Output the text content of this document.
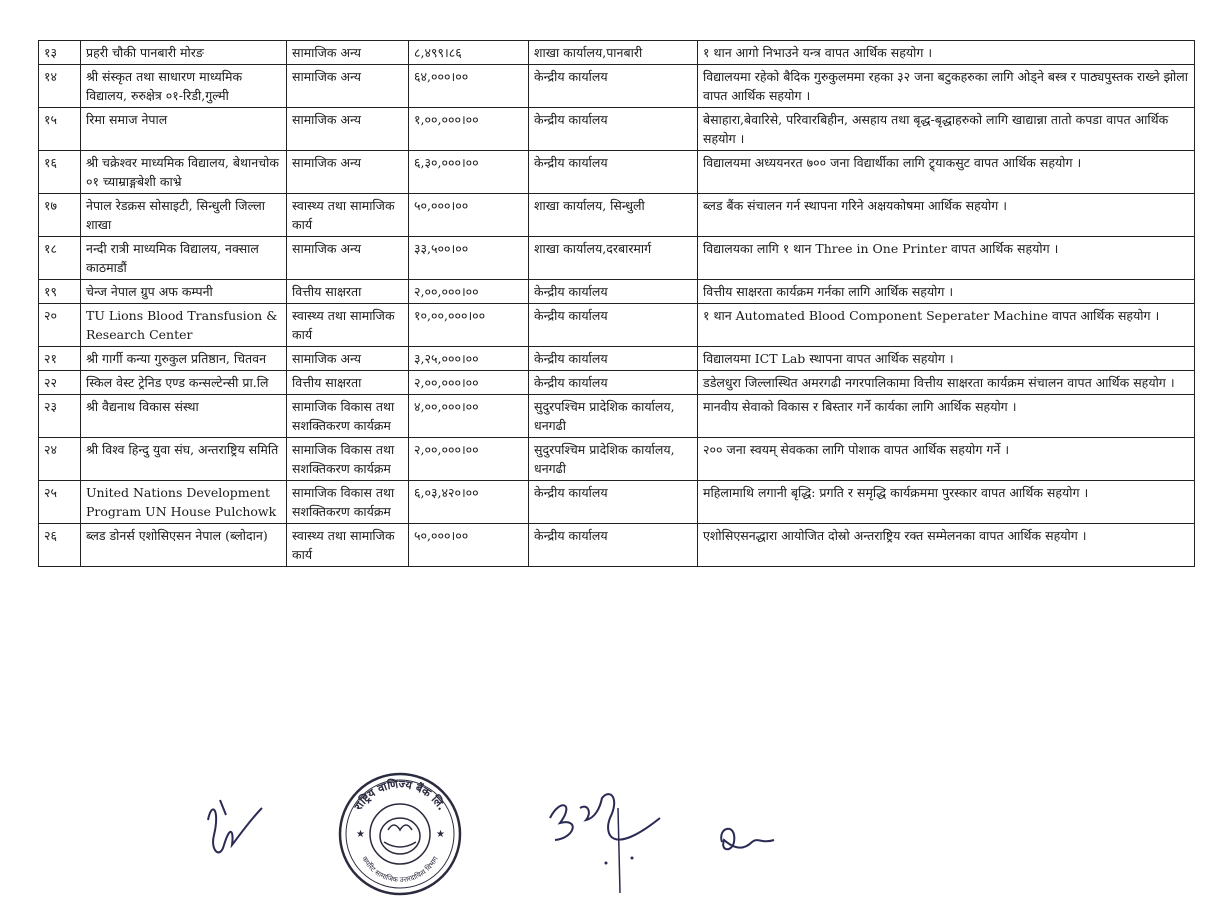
१३	प्रहरी चौकी पानबारी मोरङ	सामाजिक अन्य	८,४९९।८६	शाखा कार्यालय,पानबारी	१ थान आगो निभाउने यन्त्र वापत आर्थिक सहयोग ।
१४	श्री संस्कृत तथा साधारण माध्यमिक विद्यालय, रुरुक्षेत्र ०१-रिडी,गुल्मी	सामाजिक अन्य	६४,०००।००	केन्द्रीय कार्यालय	विद्यालयमा रहेको बैदिक गुरुकुलममा रहका ३२ जना बटुकहरुका लागि ओड्ने बस्त्र र पाठ्यपुस्तक राख्ने झोला वापत आर्थिक सहयोग ।
१५	रिमा समाज नेपाल	सामाजिक अन्य	१,००,०००।००	केन्द्रीय कार्यालय	बेसाहारा,बेवारिसे, परिवारबिहीन, असहाय तथा बृद्ध-बृद्धाहरुको लागि खाद्यान्ना तातो कपडा वापत आर्थिक सहयोग ।
१६	श्री चक्रेश्वर माध्यमिक विद्यालय, बेथानचोक ०१ च्याम्राङ्गबेशी काभ्रे	सामाजिक अन्य	६,३०,०००।००	केन्द्रीय कार्यालय	विद्यालयमा अध्ययनरत ७०० जना विद्यार्थीका लागि ट्र्याकसुट वापत आर्थिक सहयोग ।
१७	नेपाल रेडक्रस सोसाइटी, सिन्धुली जिल्ला शाखा	स्वास्थ्य तथा सामाजिक कार्य	५०,०००।००	शाखा कार्यालय, सिन्धुली	ब्लड बैंक संचालन गर्न स्थापना गरिने अक्षयकोषमा आर्थिक सहयोग ।
१८	नन्दी रात्री माध्यमिक विद्यालय, नक्साल काठमाडौं	सामाजिक अन्य	३३,५००।००	शाखा कार्यालय,दरबारमार्ग	विद्यालयका लागि १ थान Three in One Printer वापत आर्थिक सहयोग ।
१९	चेन्ज नेपाल ग्रुप अफ कम्पनी	वित्तीय साक्षरता	२,००,०००।००	केन्द्रीय कार्यालय	वित्तीय साक्षरता कार्यक्रम गर्नका लागि आर्थिक सहयोग ।
२०	TU Lions Blood Transfusion & Research Center	स्वास्थ्य तथा सामाजिक कार्य	१०,००,०००।००	केन्द्रीय कार्यालय	१ थान Automated Blood Component Seperater Machine वापत आर्थिक सहयोग ।
२१	श्री गार्गी कन्या गुरुकुल प्रतिष्ठान, चितवन	सामाजिक अन्य	३,२५,०००।००	केन्द्रीय कार्यालय	विद्यालयमा ICT Lab स्थापना वापत आर्थिक सहयोग ।
२२	स्किल वेस्ट ट्रेनिड एण्ड कन्सल्टेन्सी प्रा.लि	वित्तीय साक्षरता	२,००,०००।००	केन्द्रीय कार्यालय	डडेलधुरा जिल्लास्थित अमरगढी नगरपालिकामा वित्तीय साक्षरता कार्यक्रम संचालन वापत आर्थिक सहयोग ।
२३	श्री वैद्यनाथ विकास संस्था	सामाजिक विकास तथा सशक्तिकरण कार्यक्रम	४,००,०००।००	सुदुरपश्चिम प्रादेशिक कार्यालय, धनगढी	मानवीय सेवाको विकास र बिस्तार गर्ने कार्यका लागि आर्थिक सहयोग ।
२४	श्री विश्व हिन्दु युवा संघ, अन्तराष्ट्रिय समिति	सामाजिक विकास तथा सशक्तिकरण कार्यक्रम	२,००,०००।००	सुदुरपश्चिम प्रादेशिक कार्यालय, धनगढी	२०० जना स्वयम् सेवकका लागि पोशाक वापत आर्थिक सहयोग गर्ने ।
२५	United Nations Development Program UN House Pulchowk	सामाजिक विकास तथा सशक्तिकरण कार्यक्रम	६,०३,४२०।००	केन्द्रीय कार्यालय	महिलामाथि लगानी बृद्धि: प्रगति र समृद्धि कार्यक्रममा पुरस्कार वापत आर्थिक सहयोग ।
२६	ब्लड डोनर्स एशोसिएसन नेपाल (ब्लोदान)	स्वास्थ्य तथा सामाजिक कार्य	५०,०००।००	केन्द्रीय कार्यालय	एशोसिएसनद्धारा आयोजित दोस्रो अन्तराष्ट्रिय रक्त सम्मेलनका वापत आर्थिक सहयोग ।
राष्ट्रिय वाणिज्य बैंक लि.
कर्पोरेट सामाजिक उत्तरदायित्व विभाग
★	★
